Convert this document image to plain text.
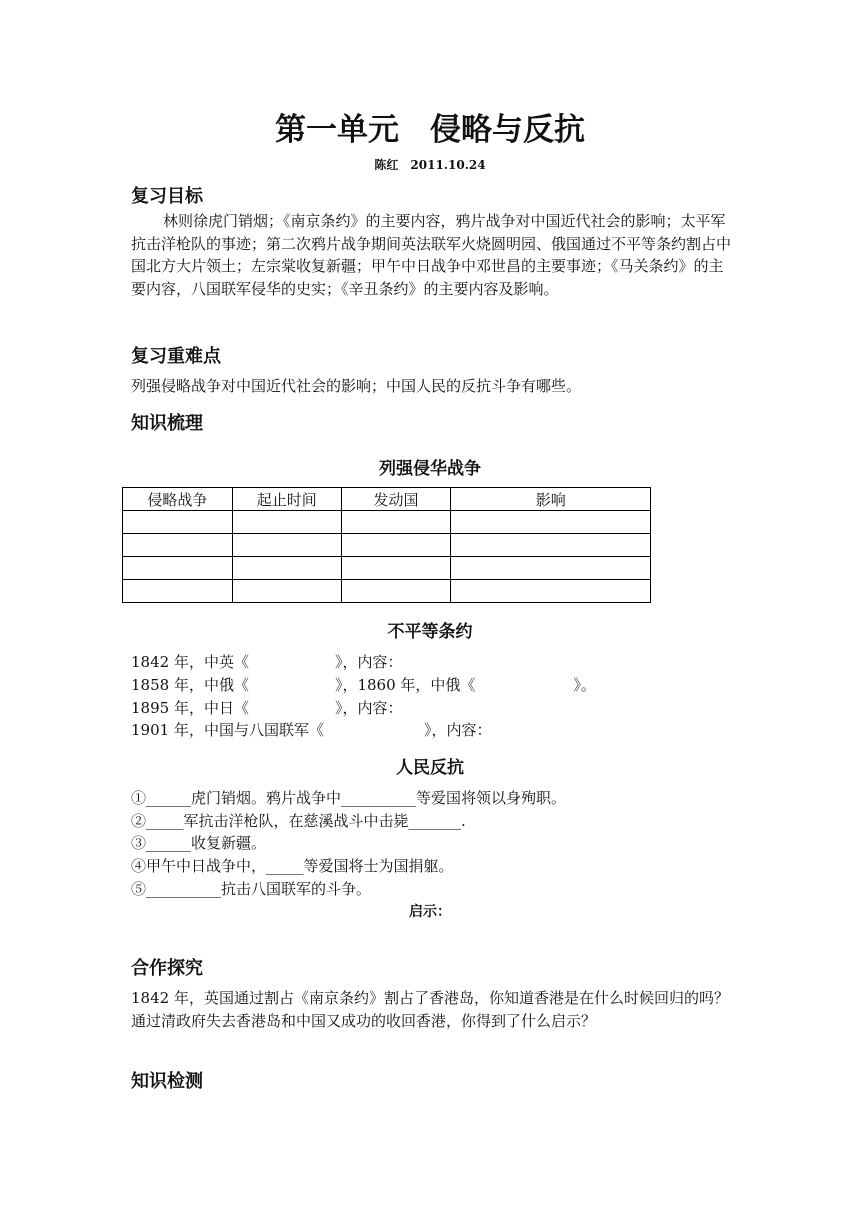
第一单元　侵略与反抗
陈红　2011.10.24
复习目标
林则徐虎门销烟；《南京条约》的主要内容，鸦片战争对中国近代社会的影响；太平军抗击洋枪队的事迹；第二次鸦片战争期间英法联军火烧圆明园、俄国通过不平等条约割占中国北方大片领土；左宗棠收复新疆；甲午中日战争中邓世昌的主要事迹；《马关条约》的主要内容，八国联军侵华的史实；《辛丑条约》的主要内容及影响。
复习重难点
列强侵略战争对中国近代社会的影响；中国人民的反抗斗争有哪些。
知识梳理
列强侵华战争
侵略战争	起止时间	发动国	影响

不平等条约
1842 年，中英《	》，内容：
1858 年，中俄《	》，1860 年，中俄《	》。
1895 年，中日《	》，内容：
1901 年，中国与八国联军《	》，内容：
人民反抗
①______虎门销烟。鸦片战争中__________等爱国将领以身殉职。
②_____军抗击洋枪队，在慈溪战斗中击毙_______.
③______收复新疆。
④甲午中日战争中，_____等爱国将士为国捐躯。
⑤__________抗击八国联军的斗争。
启示：
合作探究
1842 年，英国通过割占《南京条约》割占了香港岛，你知道香港是在什么时候回归的吗？通过清政府失去香港岛和中国又成功的收回香港，你得到了什么启示？
知识检测
